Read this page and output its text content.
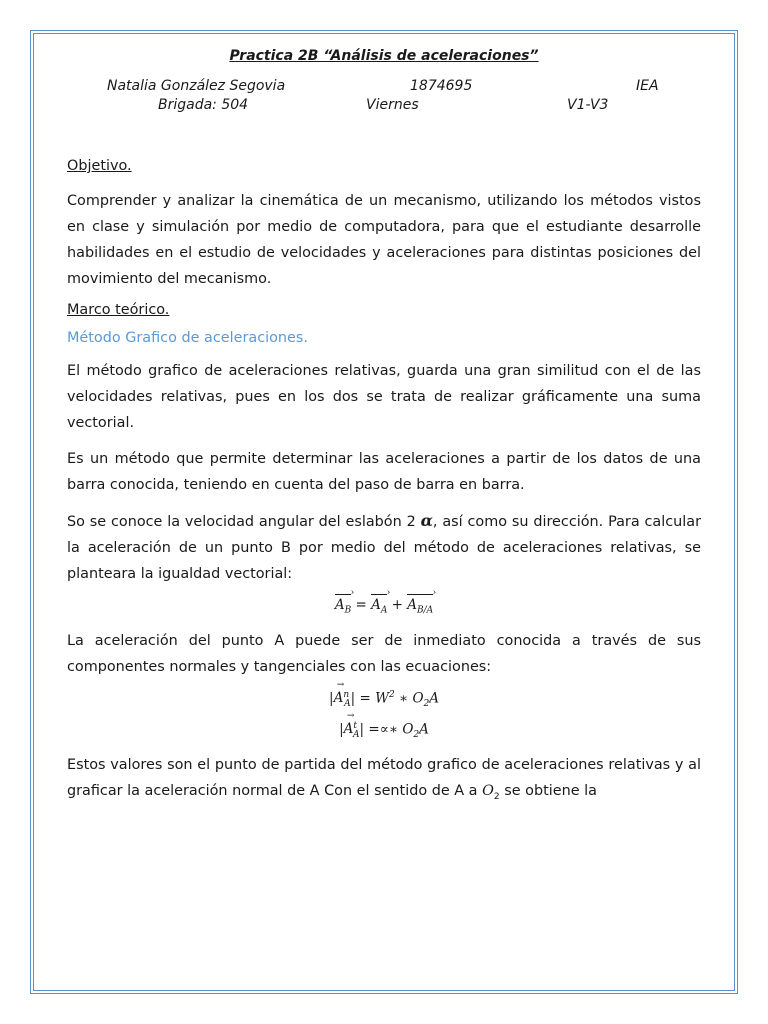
Practica 2B “Análisis de aceleraciones”
Natalia González Segovia	1874695	IEA
Brigada: 504	Viernes	V1-V3
Objetivo.

Comprender y analizar la cinemática de un mecanismo, utilizando los métodos vistos en clase y simulación por medio de computadora, para que el estudiante desarrolle habilidades en el estudio de velocidades y aceleraciones para distintas posiciones del movimiento del mecanismo.

Marco teórico.
Método Grafico de aceleraciones.

El método grafico de aceleraciones relativas, guarda una gran similitud con el de las velocidades relativas, pues en los dos se trata de realizar gráficamente una suma vectorial.

Es un método que permite determinar las aceleraciones a partir de los datos de una barra conocida, teniendo en cuenta del paso de barra en barra.

So se conoce la velocidad angular del eslabón 2 α, así como su dirección. Para calcular la aceleración de un punto B por medio del método de aceleraciones relativas, se planteara la igualdad vectorial:

$A_B$ › = $A_A$ › + $A_{B/A}$ ›

La aceleración del punto A puede ser de inmediato conocida a través de sus componentes normales y tangenciales con las ecuaciones:

|→ $A^n_A| = W^2$ ∗ $O_2A$
|→ $A^t_A|$ =∝∗ $O_2A$

Estos valores son el punto de partida del método grafico de aceleraciones relativas y al graficar la aceleración normal de A Con el sentido de A a $O_2$ se obtiene la
